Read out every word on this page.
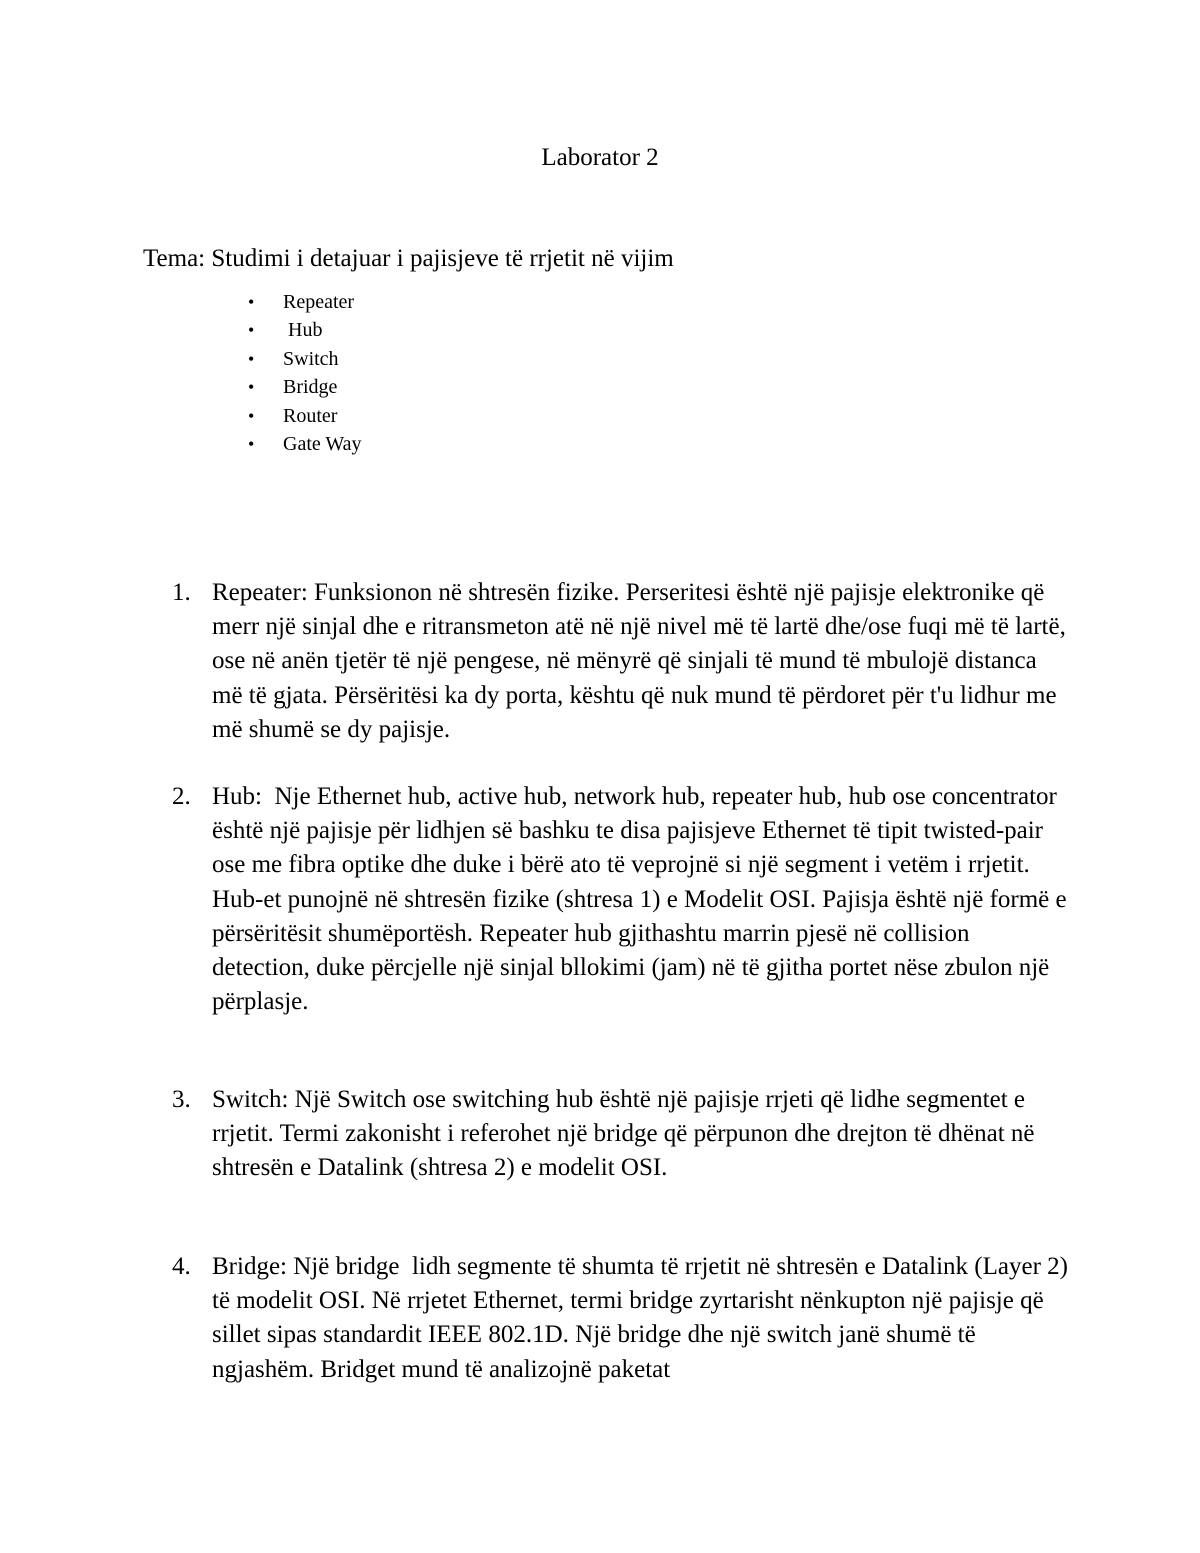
Laborator 2
Tema: Studimi i detajuar i pajisjeve të rrjetit në vijim
• Repeater
• Hub
• Switch
• Bridge
• Router
• Gate Way
1. Repeater: Funksionon në shtresën fizike. Perseritesi është një pajisje elektronike që merr një sinjal dhe e ritransmeton atë në një nivel më të lartë dhe/ose fuqi më të lartë, ose në anën tjetër të një pengese, në mënyrë që sinjali të mund të mbulojë distanca më të gjata. Përsëritësi ka dy porta, kështu që nuk mund të përdoret për t'u lidhur me më shumë se dy pajisje.
2. Hub:  Nje Ethernet hub, active hub, network hub, repeater hub, hub ose concentrator është një pajisje për lidhjen së bashku te disa pajisjeve Ethernet të tipit twisted-pair ose me fibra optike dhe duke i bërë ato të veprojnë si një segment i vetëm i rrjetit. Hub-et punojnë në shtresën fizike (shtresa 1) e Modelit OSI. Pajisja është një formë e përsëritësit shumëportësh. Repeater hub gjithashtu marrin pjesë në collision detection, duke përcjelle një sinjal bllokimi (jam) në të gjitha portet nëse zbulon një përplasje.
3. Switch: Një Switch ose switching hub është një pajisje rrjeti që lidhe segmentet e rrjetit. Termi zakonisht i referohet një bridge që përpunon dhe drejton të dhënat në shtresën e Datalink (shtresa 2) e modelit OSI.
4. Bridge: Një bridge  lidh segmente të shumta të rrjetit në shtresën e Datalink (Layer 2) të modelit OSI. Në rrjetet Ethernet, termi bridge zyrtarisht nënkupton një pajisje që sillet sipas standardit IEEE 802.1D. Një bridge dhe një switch janë shumë të ngjashëm. Bridget mund të analizojnë paketat
